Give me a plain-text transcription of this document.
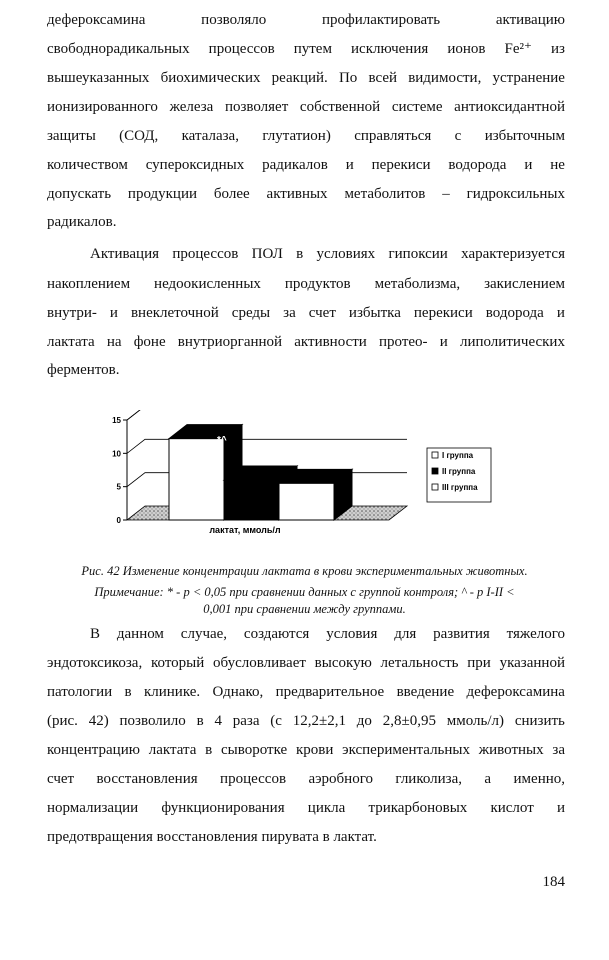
дефероксамина	позволяло	профилактировать	активацию
свободнорадикальных процессов путем исключения ионов Fe²⁺ из
вышеуказанных биохимических реакций. По всей видимости, устранение
ионизированного железа позволяет собственной системе антиоксидантной
защиты (СОД, каталаза, глутатион) справляться с избыточным
количеством супероксидных радикалов и перекиси водорода и не
допускать продукции более активных метаболитов – гидроксильных
радикалов.
Активация процессов ПОЛ в условиях гипоксии характеризуется
накоплением недоокисленных продуктов метаболизма, закислением
внутри- и внеклеточной среды за счет избытка перекиси водорода и
лактата на фоне внутриорганной активности протео- и липолитических
ферментов.
0
5
10
15
лактат, ммоль/л
*^
I группа
II группа
III группа
Рис. 42 Изменение концентрации лактата в крови экспериментальных животных.
Примечание: * - p < 0,05 при сравнении данных с группой контроля; ^ - p I-II <
0,001 при сравнении между группами.
В данном случае, создаются условия для развития тяжелого
эндотоксикоза, который обусловливает высокую летальность при указанной
патологии в клинике. Однако, предварительное введение дефероксамина
(рис. 42) позволило в 4 раза (с 12,2±2,1 до 2,8±0,95 ммоль/л) снизить
концентрацию лактата в сыворотке крови экспериментальных животных за
счет восстановления процессов аэробного гликолиза, а именно,
нормализации функционирования цикла трикарбоновых кислот и
предотвращения восстановления пирувата в лактат.
184
